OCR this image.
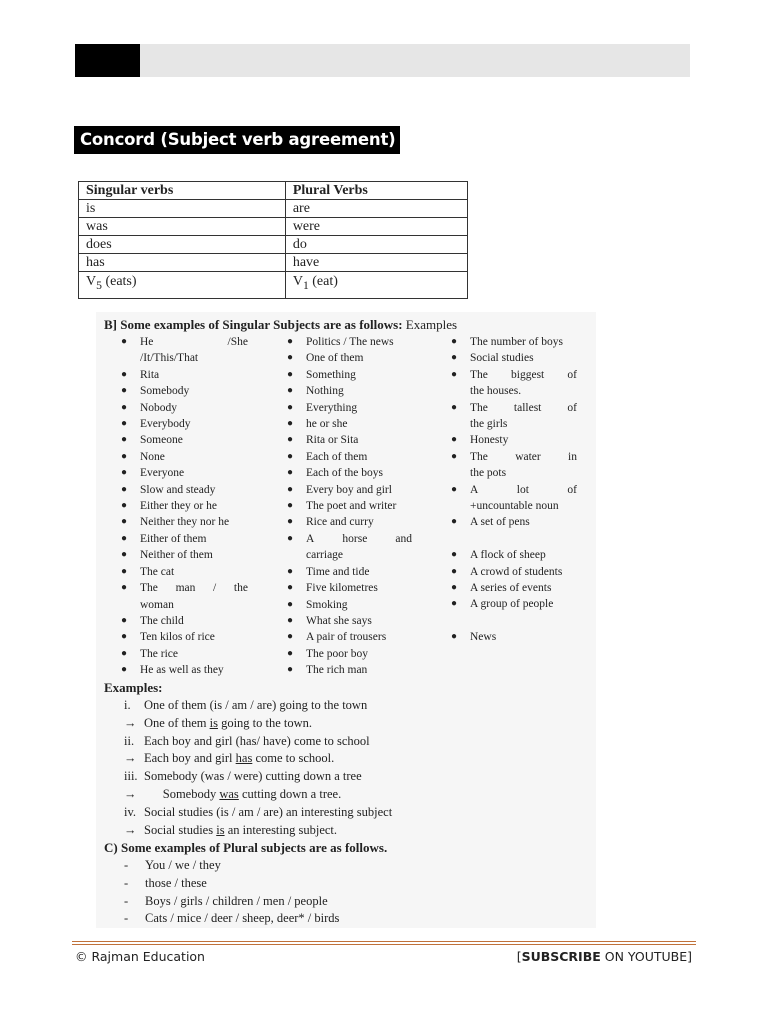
Concord (Subject verb agreement)
Singular verbs	Plural Verbs
is	are
was	were
does	do
has	have
$V_5$ (eats)	$V_1$ (eat)
B] Some examples of Singular Subjects are as follows: Examples
● He	/She
/It/This/That
● Rita
● Somebody
● Nobody
● Everybody
● Someone
● None
● Everyone
● Slow and steady
● Either they or he
● Neither they nor he
● Either of them
● Neither of them
● The cat
● The man / the
woman
● The child
● Ten kilos of rice
● The rice
● He as well as they
● Politics / The news
● One of them
● Something
● Nothing
● Everything
● he or she
● Rita or Sita
● Each of them
● Each of the boys
● Every boy and girl
● The poet and writer
● Rice and curry
● A horse and
carriage
● Time and tide
● Five kilometres
● Smoking
● What she says
● A pair of trousers
● The poor boy
● The rich man
● The number of boys
● Social studies
● The biggest of
the houses.
● The tallest of
the girls
● Honesty
● The water in
the pots
● A	lot	of
+uncountable noun
● A set of pens
● A flock of sheep
● A crowd of students
● A series of events
● A group of people
● News
Examples:
i. One of them (is / am / are) going to the town
→ One of them is going to the town.
ii. Each boy and girl (has/ have) come to school
→ Each boy and girl has come to school.
iii. Somebody (was / were) cutting down a tree
→      Somebody was cutting down a tree.
iv. Social studies (is / am / are) an interesting subject
→ Social studies is an interesting subject.
C) Some examples of Plural subjects are as follows.
- You / we / they
- those / these
- Boys / girls / children / men / people
- Cats / mice / deer / sheep, deer* / birds
© Rajman Education	[SUBSCRIBE ON YOUTUBE]
